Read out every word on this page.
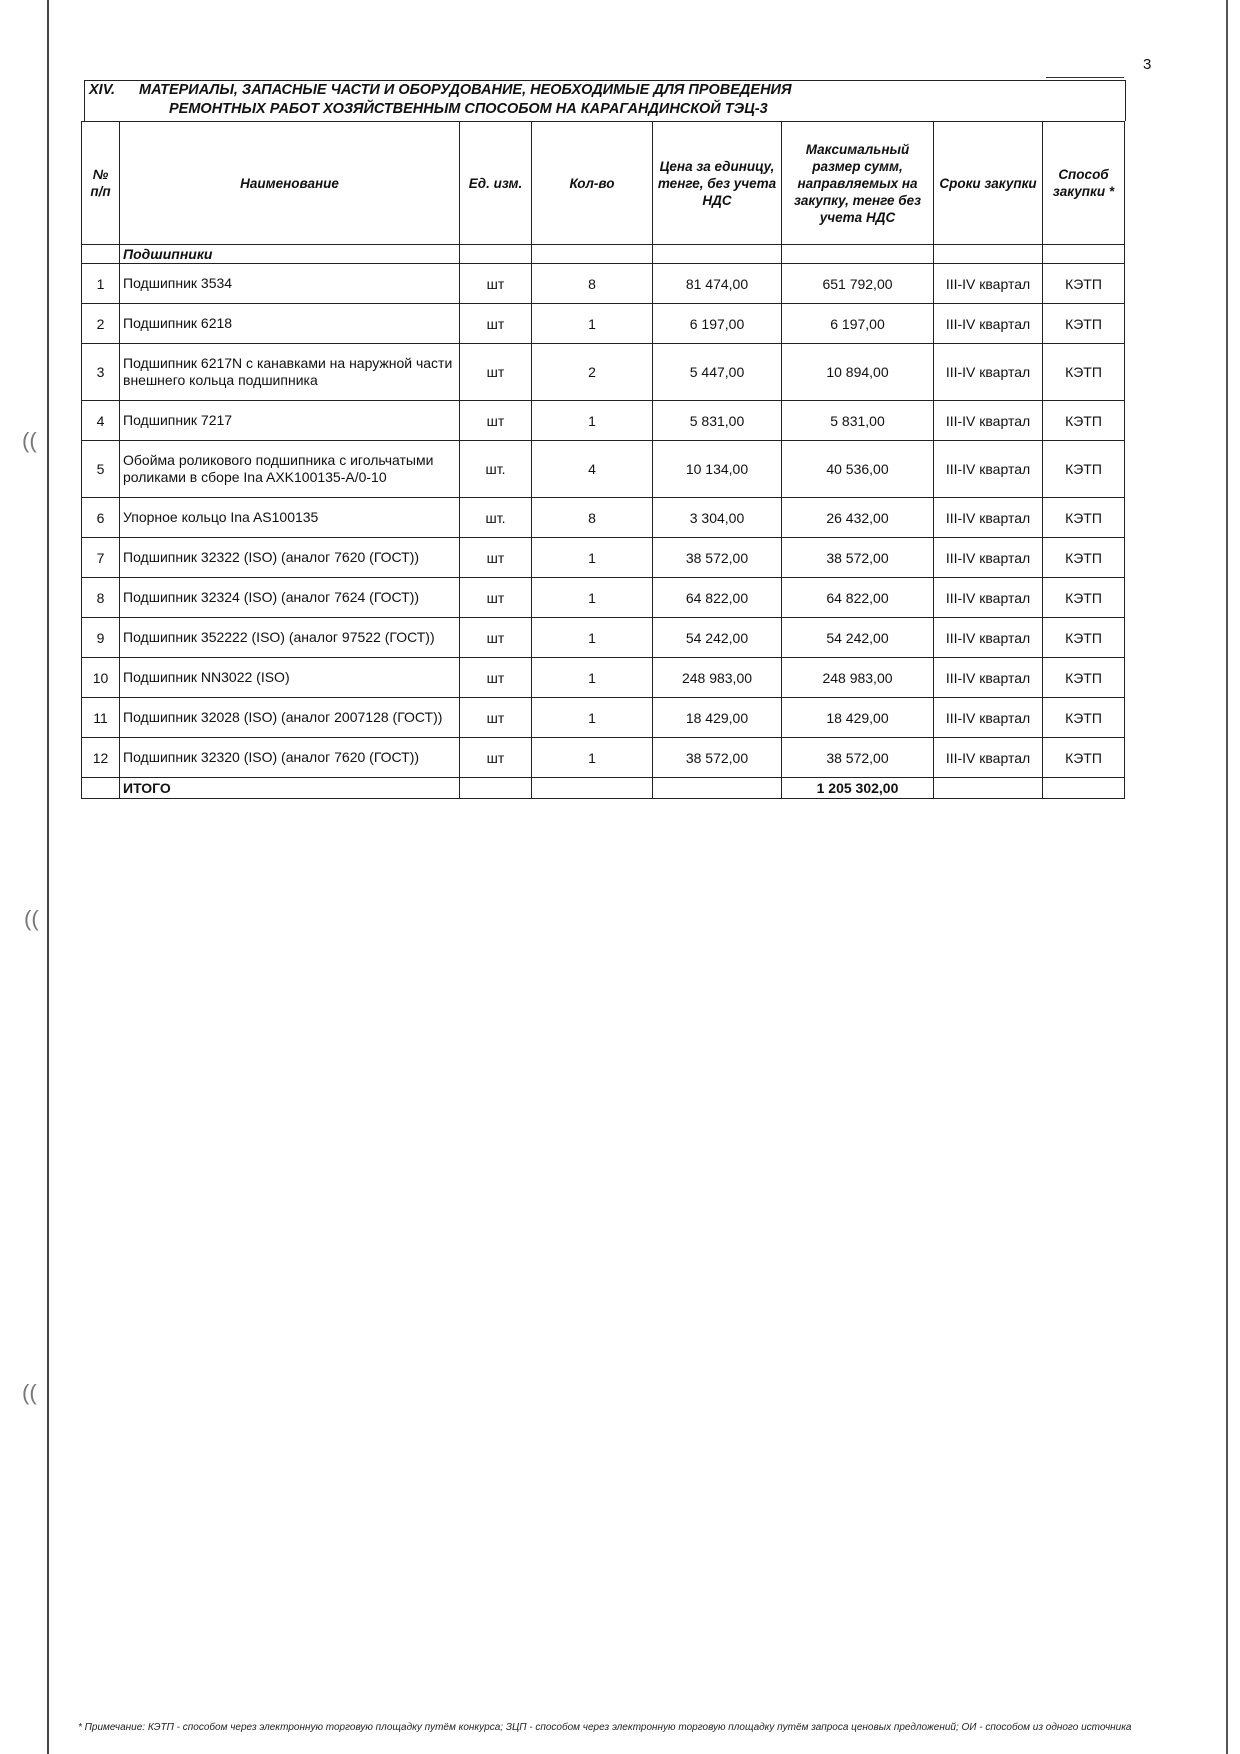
((
((
((
3
XIV. МАТЕРИАЛЫ, ЗАПАСНЫЕ ЧАСТИ И ОБОРУДОВАНИЕ, НЕОБХОДИМЫЕ ДЛЯ ПРОВЕДЕНИЯ
РЕМОНТНЫХ РАБОТ ХОЗЯЙСТВЕННЫМ СПОСОБОМ НА КАРАГАНДИНСКОЙ ТЭЦ-3
№ п/п	Наименование	Ед. изм.	Кол-во	Цена за единицу, тенге, без учета НДС	Максимальный размер сумм, направляемых на закупку, тенге без учета НДС	Сроки закупки	Способ закупки *
	Подшипники						
1	Подшипник 3534	шт	8	81 474,00	651 792,00	III-IV квартал	КЭТП
2	Подшипник 6218	шт	1	6 197,00	6 197,00	III-IV квартал	КЭТП
3	Подшипник 6217N с канавками на наружной части внешнего кольца подшипника	шт	2	5 447,00	10 894,00	III-IV квартал	КЭТП
4	Подшипник 7217	шт	1	5 831,00	5 831,00	III-IV квартал	КЭТП
5	Обойма роликового подшипника с игольчатыми роликами в сборе Ina AXK100135-A/0-10	шт.	4	10 134,00	40 536,00	III-IV квартал	КЭТП
6	Упорное кольцо Ina AS100135	шт.	8	3 304,00	26 432,00	III-IV квартал	КЭТП
7	Подшипник 32322 (ISO) (аналог 7620 (ГОСТ))	шт	1	38 572,00	38 572,00	III-IV квартал	КЭТП
8	Подшипник 32324 (ISO) (аналог 7624 (ГОСТ))	шт	1	64 822,00	64 822,00	III-IV квартал	КЭТП
9	Подшипник 352222 (ISO) (аналог 97522 (ГОСТ))	шт	1	54 242,00	54 242,00	III-IV квартал	КЭТП
10	Подшипник NN3022 (ISO)	шт	1	248 983,00	248 983,00	III-IV квартал	КЭТП
11	Подшипник 32028 (ISO) (аналог 2007128 (ГОСТ))	шт	1	18 429,00	18 429,00	III-IV квартал	КЭТП
12	Подшипник 32320 (ISO) (аналог 7620 (ГОСТ))	шт	1	38 572,00	38 572,00	III-IV квартал	КЭТП
	ИТОГО				1 205 302,00		
* Примечание: КЭТП - способом через электронную торговую площадку путём конкурса; ЗЦП - способом через электронную торговую площадку путём запроса ценовых предложений; ОИ - способом из одного источника
